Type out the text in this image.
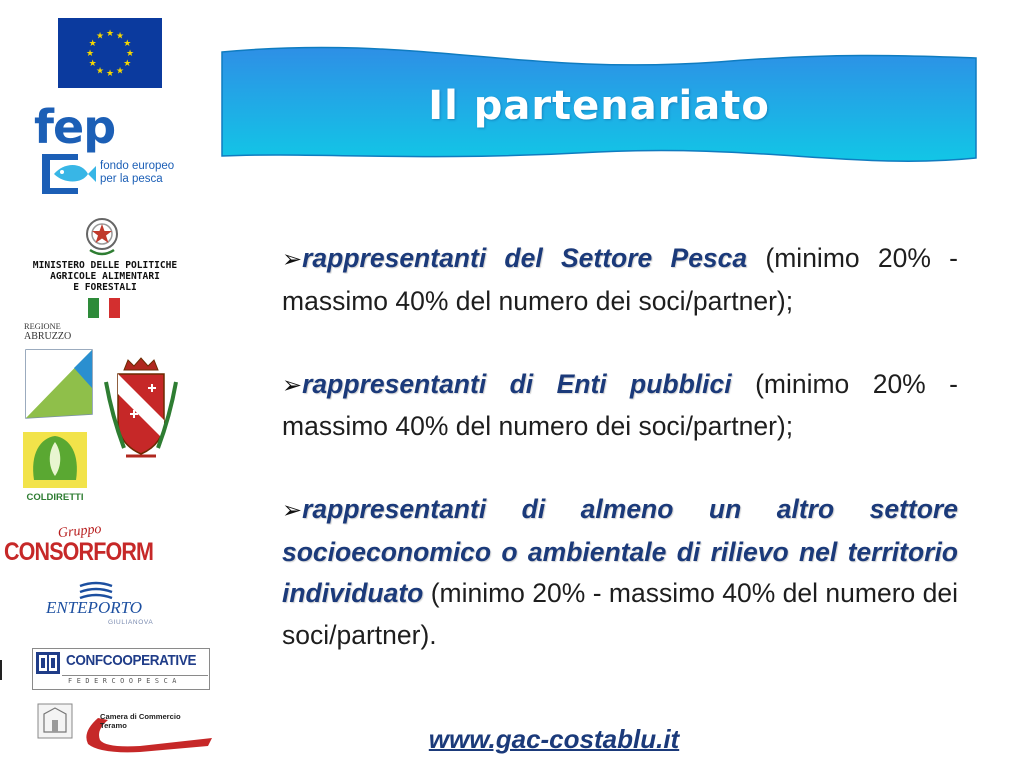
★ ★
★
★
★
★
★
★
★
★
★
★
fep
fondo europeo
per la pesca
MINISTERO DELLE POLITICHE
AGRICOLE ALIMENTARI
E FORESTALI
REGIONE
ABRUZZO
COLDIRETTI
Gruppo
CONSORFORM
ENTEPORTO
GIULIANOVA
CONFCOOPERATIVE
FEDERCOOPESCA
Camera di Commercio
Teramo
Il partenariato

➢rappresentanti del Settore Pesca (minimo 20% - massimo 40% del numero dei soci/partner);

➢rappresentanti di Enti pubblici (minimo 20% - massimo 40% del numero dei soci/partner);

➢rappresentanti di almeno un altro settore socioeconomico o ambientale di rilievo nel territorio individuato (minimo 20% - massimo 40% del numero dei soci/partner).

www.gac-costablu.it
